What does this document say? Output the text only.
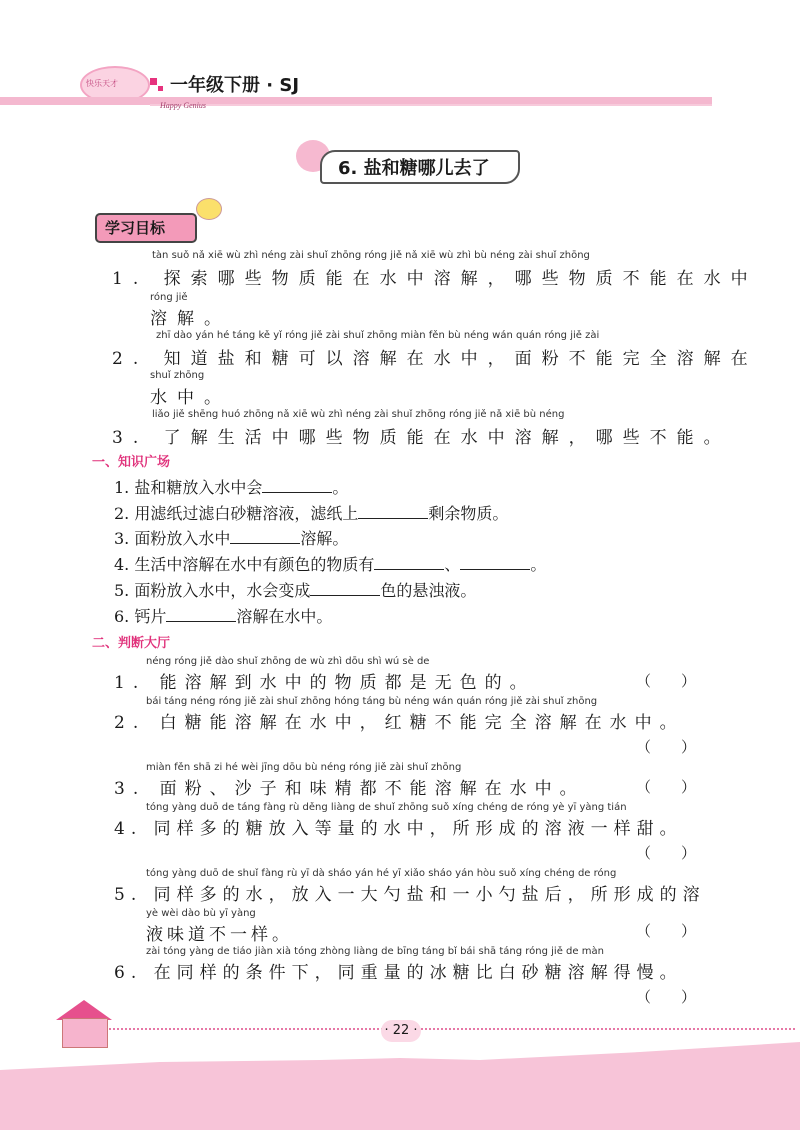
快乐天才	一年级下册 · SJ
Happy Genius
6. 盐和糖哪儿去了
学习目标
tàn suǒ nǎ xiē wù zhì néng zài shuǐ zhōng róng jiě nǎ xiē wù zhì bù néng zài shuǐ zhōng
1. 探索哪些物质能在水中溶解，哪些物质不能在水中
róng jiě
溶解。
zhī dào yán hé táng kě yǐ róng jiě zài shuǐ zhōng miàn fěn bù néng wán quán róng jiě zài
2. 知道盐和糖可以溶解在水中，面粉不能完全溶解在
shuǐ zhōng
水中。
liǎo jiě shēng huó zhōng nǎ xiē wù zhì néng zài shuǐ zhōng róng jiě nǎ xiē bù néng
3. 了解生活中哪些物质能在水中溶解，哪些不能。
一、知识广场
1. 盐和糖放入水中会	。
2. 用滤纸过滤白砂糖溶液，滤纸上	剩余物质。
3. 面粉放入水中	溶解。
4. 生活中溶解在水中有颜色的物质有	、	。
5. 面粉放入水中，水会变成	色的悬浊液。
6. 钙片	溶解在水中。
二、判断大厅
néng róng jiě dào shuǐ zhōng de wù zhì dōu shì wú sè de
1. 能溶解到水中的物质都是无色的。	（　　）
bái táng néng róng jiě zài shuǐ zhōng hóng táng bù néng wán quán róng jiě zài shuǐ zhōng
2. 白糖能溶解在水中，红糖不能完全溶解在水中。
（　　）
miàn fěn shā zi hé wèi jīng dōu bù néng róng jiě zài shuǐ zhōng
3. 面粉、沙子和味精都不能溶解在水中。	（　　）
tóng yàng duō de táng fàng rù děng liàng de shuǐ zhōng suǒ xíng chéng de róng yè yī yàng tián
4. 同样多的糖放入等量的水中，所形成的溶液一样甜。
（　　）
tóng yàng duō de shuǐ fàng rù yī dà sháo yán hé yī xiǎo sháo yán hòu suǒ xíng chéng de róng
5. 同样多的水，放入一大勺盐和一小勺盐后，所形成的溶
yè wèi dào bù yī yàng
液味道不一样。	（　　）
zài tóng yàng de tiáo jiàn xià tóng zhòng liàng de bīng táng bǐ bái shā táng róng jiě de màn
6. 在同样的条件下，同重量的冰糖比白砂糖溶解得慢。
（　　）
· 22 ·
